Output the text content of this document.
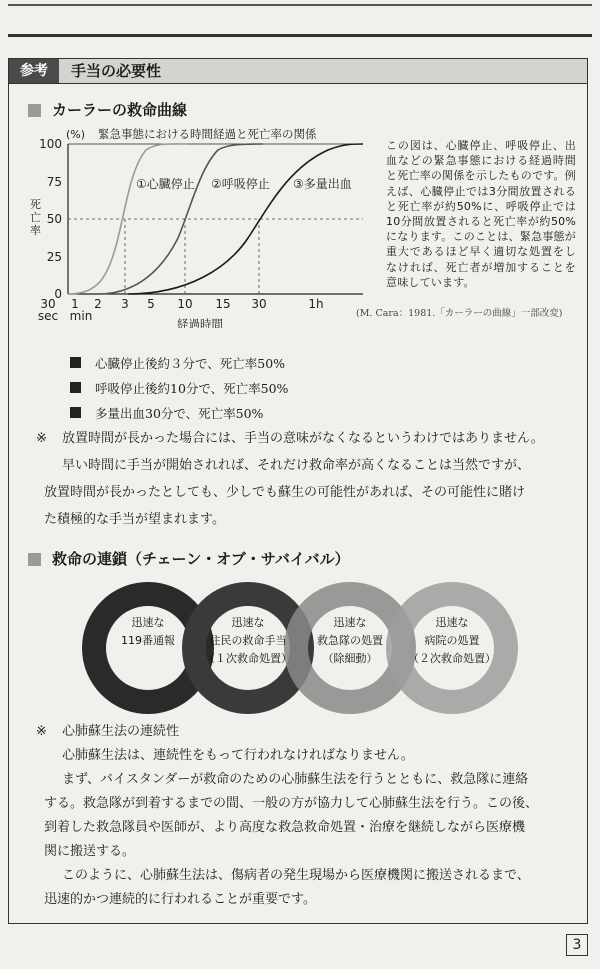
参考	手当の必要性
カーラーの救命曲線
(%) 緊急事態における時間経過と死亡率の関係
100
75
50
25
0
死
亡
率
30 1 2 3 5 10 15 30	1h
sec min
経過時間
①心臓停止 ②呼吸停止 ③多量出血
この図は、心臓停止、呼吸停止、出血などの緊急事態における経過時間と死亡率の関係を示したものです。例えば、心臓停止では3分間放置されると死亡率が約50%に、呼吸停止では10分間放置されると死亡率が約50%になります。このことは、緊急事態が重大であるほど早く適切な処置をしなければ、死亡者が増加することを意味しています。
(M. Cara：1981.「カーラーの曲線」一部改変)
心臓停止後約３分で、死亡率50%
呼吸停止後約10分で、死亡率50%
多量出血30分で、死亡率50%
※ 放置時間が長かった場合には、手当の意味がなくなるというわけではありません。
早い時間に手当が開始されれば、それだけ救命率が高くなることは当然ですが、
放置時間が長かったとしても、少しでも蘇生の可能性があれば、その可能性に賭け
た積極的な手当が望まれます。
救命の連鎖（チェーン・オブ・サバイバル）
迅速な
119番通報
迅速な
住民の救命手当
（１次救命処置）
迅速な
救急隊の処置
（除細動）
迅速な
病院の処置
（２次救命処置）
※ 心肺蘇生法の連続性
心肺蘇生法は、連続性をもって行われなければなりません。
まず、バイスタンダーが救命のための心肺蘇生法を行うとともに、救急隊に連絡
する。救急隊が到着するまでの間、一般の方が協力して心肺蘇生法を行う。この後、
到着した救急隊員や医師が、より高度な救急救命処置・治療を継続しながら医療機
関に搬送する。
このように、心肺蘇生法は、傷病者の発生現場から医療機関に搬送されるまで、
迅速的かつ連続的に行われることが重要です。
3
